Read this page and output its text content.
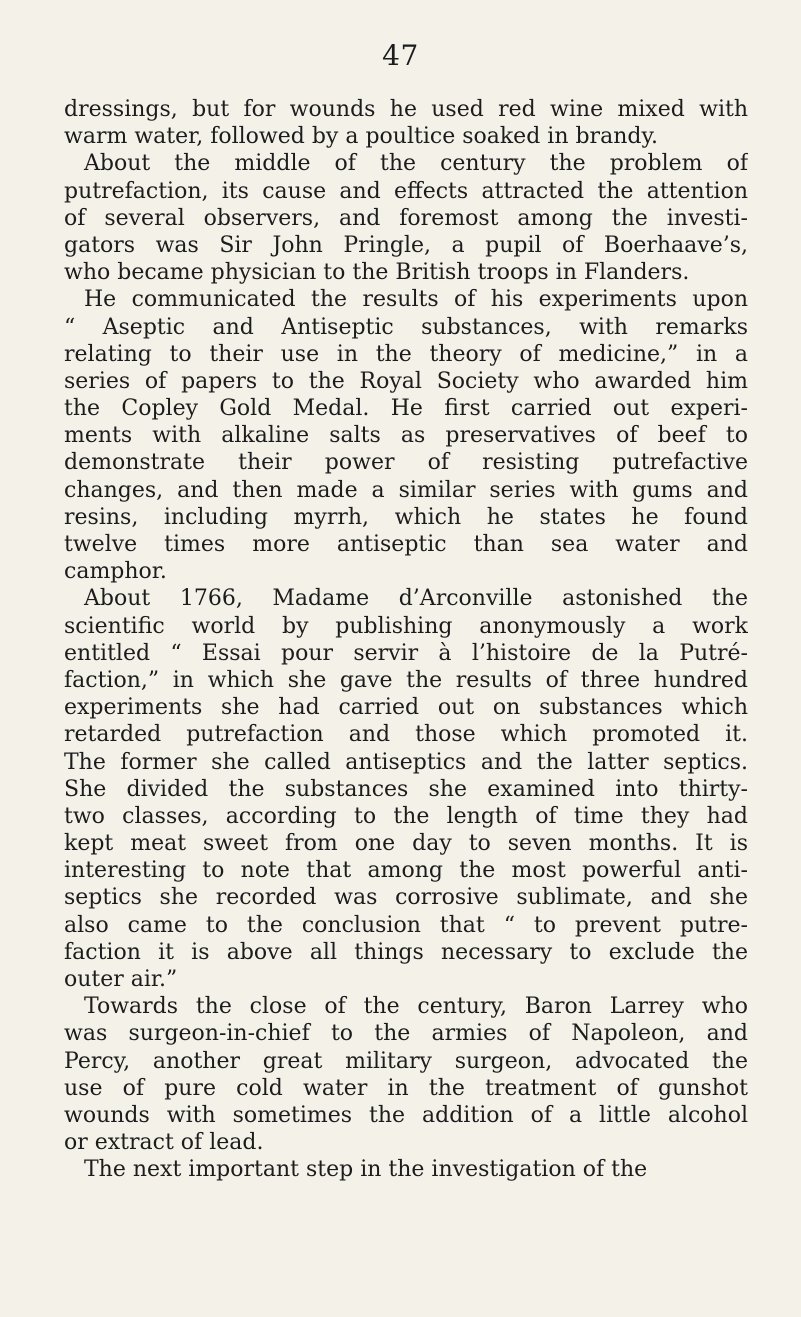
47
dressings, but for wounds he used red wine mixed with
warm water, followed by a poultice soaked in brandy.
About the middle of the century the problem of
putrefaction, its cause and effects attracted the attention
of several observers, and foremost among the investi-
gators was Sir John Pringle, a pupil of Boerhaave’s,
who became physician to the British troops in Flanders.
He communicated the results of his experiments upon
“ Aseptic and Antiseptic substances, with remarks
relating to their use in the theory of medicine,” in a
series of papers to the Royal Society who awarded him
the Copley Gold Medal. He first carried out experi-
ments with alkaline salts as preservatives of beef to
demonstrate their power of resisting putrefactive
changes, and then made a similar series with gums and
resins, including myrrh, which he states he found
twelve times more antiseptic than sea water and
camphor.
About 1766, Madame d’Arconville astonished the
scientific world by publishing anonymously a work
entitled “ Essai pour servir à l’histoire de la Putré-
faction,” in which she gave the results of three hundred
experiments she had carried out on substances which
retarded putrefaction and those which promoted it.
The former she called antiseptics and the latter septics.
She divided the substances she examined into thirty-
two classes, according to the length of time they had
kept meat sweet from one day to seven months. It is
interesting to note that among the most powerful anti-
septics she recorded was corrosive sublimate, and she
also came to the conclusion that “ to prevent putre-
faction it is above all things necessary to exclude the
outer air.”
Towards the close of the century, Baron Larrey who
was surgeon-in-chief to the armies of Napoleon, and
Percy, another great military surgeon, advocated the
use of pure cold water in the treatment of gunshot
wounds with sometimes the addition of a little alcohol
or extract of lead.
The next important step in the investigation of the
